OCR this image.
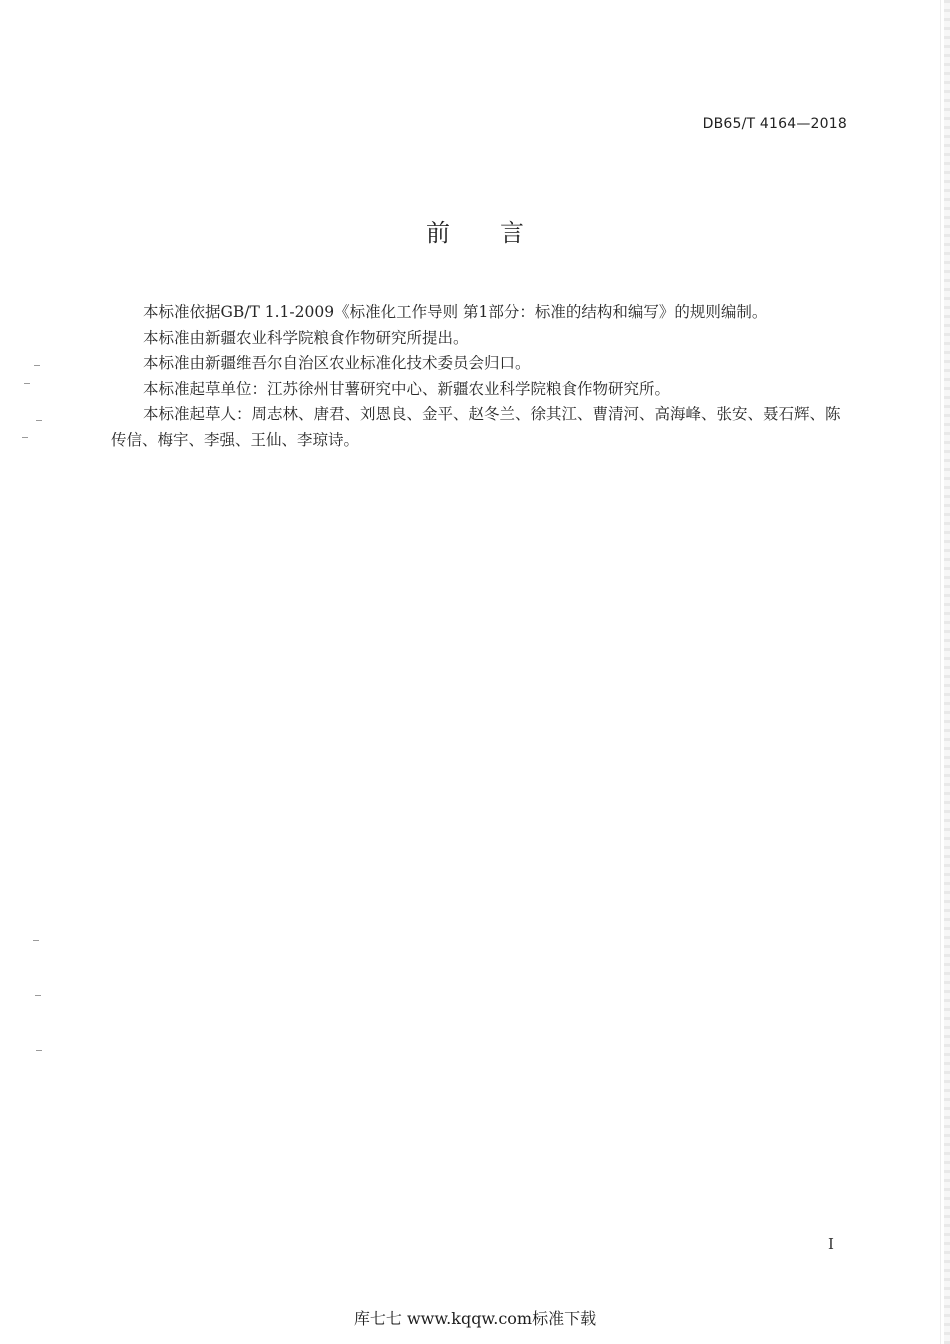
DB65/T 4164—2018
前言

本标准依据GB/T 1.1-2009《标准化工作导则 第1部分：标准的结构和编写》的规则编制。

本标准由新疆农业科学院粮食作物研究所提出。

本标准由新疆维吾尔自治区农业标准化技术委员会归口。

本标准起草单位：江苏徐州甘薯研究中心、新疆农业科学院粮食作物研究所。

本标准起草人：周志林、唐君、刘恩良、金平、赵冬兰、徐其江、曹清河、高海峰、张安、聂石辉、陈传信、梅宇、李强、王仙、李琼诗。

I
库七七 www.kqqw.com标准下载
